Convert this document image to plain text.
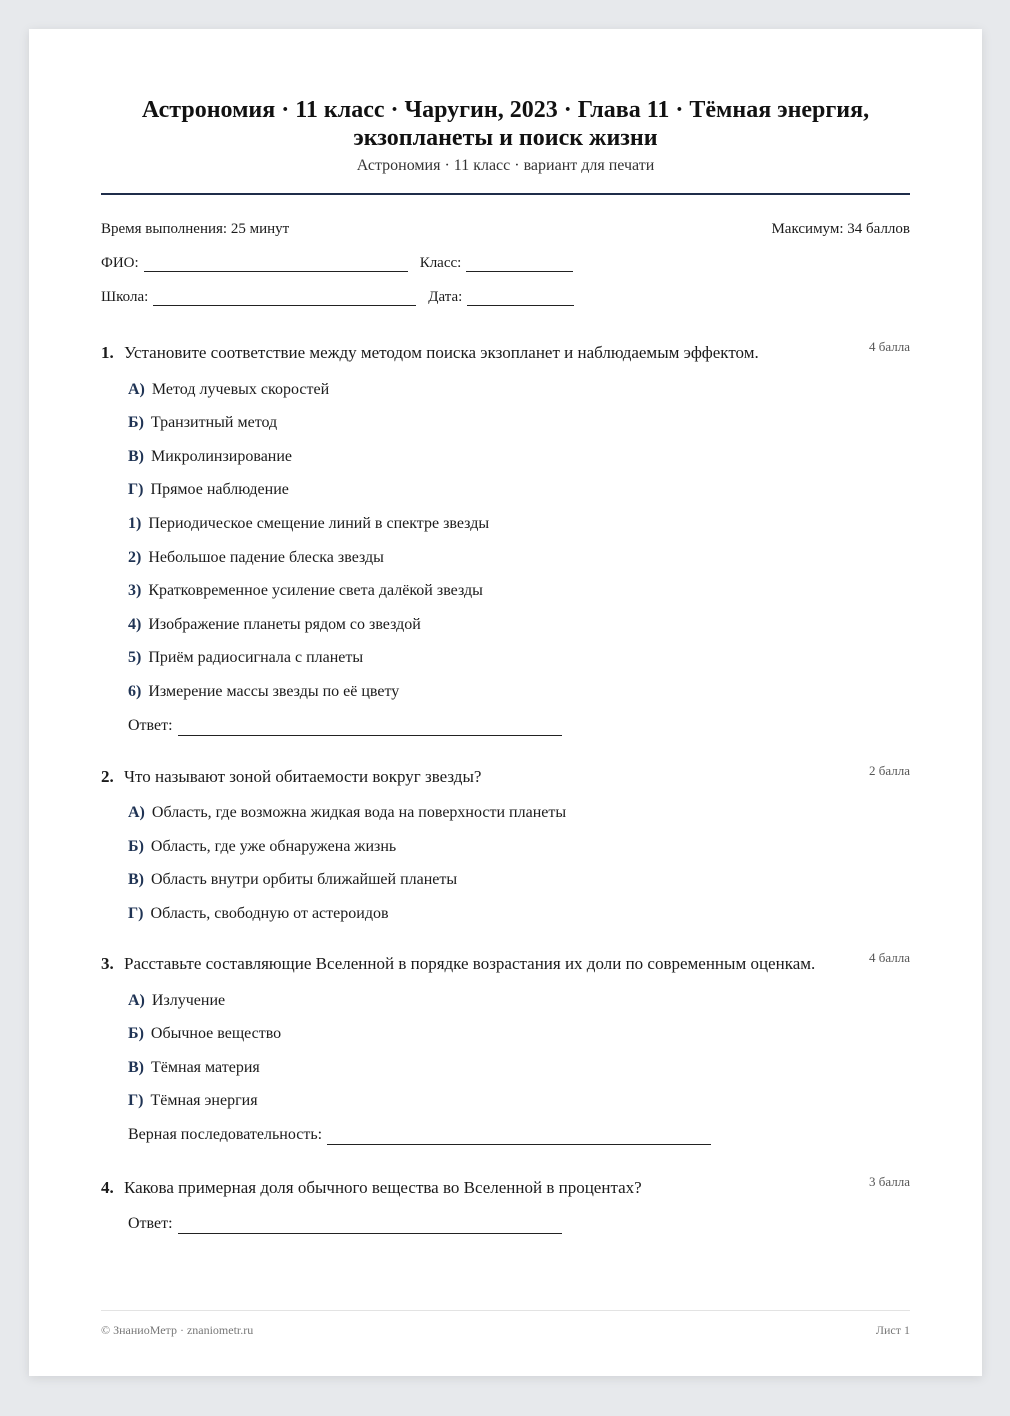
Астрономия · 11 класс · Чаругин, 2023 · Глава 11 · Тёмная энергия, экзопланеты и поиск жизни
Астрономия · 11 класс · вариант для печати
Время выполнения: 25 минут	Максимум: 34 баллов
ФИО:	Класс:
Школа:	Дата:
1. Установите соответствие между методом поиска экзопланет и наблюдаемым эффектом.	4 балла
А) Метод лучевых скоростей
Б) Транзитный метод
В) Микролинзирование
Г) Прямое наблюдение
1) Периодическое смещение линий в спектре звезды
2) Небольшое падение блеска звезды
3) Кратковременное усиление света далёкой звезды
4) Изображение планеты рядом со звездой
5) Приём радиосигнала с планеты
6) Измерение массы звезды по её цвету
Ответ:
2. Что называют зоной обитаемости вокруг звезды?	2 балла
А) Область, где возможна жидкая вода на поверхности планеты
Б) Область, где уже обнаружена жизнь
В) Область внутри орбиты ближайшей планеты
Г) Область, свободную от астероидов
3. Расставьте составляющие Вселенной в порядке возрастания их доли по современным оценкам.	4 балла
А) Излучение
Б) Обычное вещество
В) Тёмная материя
Г) Тёмная энергия
Верная последовательность:
4. Какова примерная доля обычного вещества во Вселенной в процентах?	3 балла
Ответ:
© ЗнаниоМетр · znaniometr.ru	Лист 1
